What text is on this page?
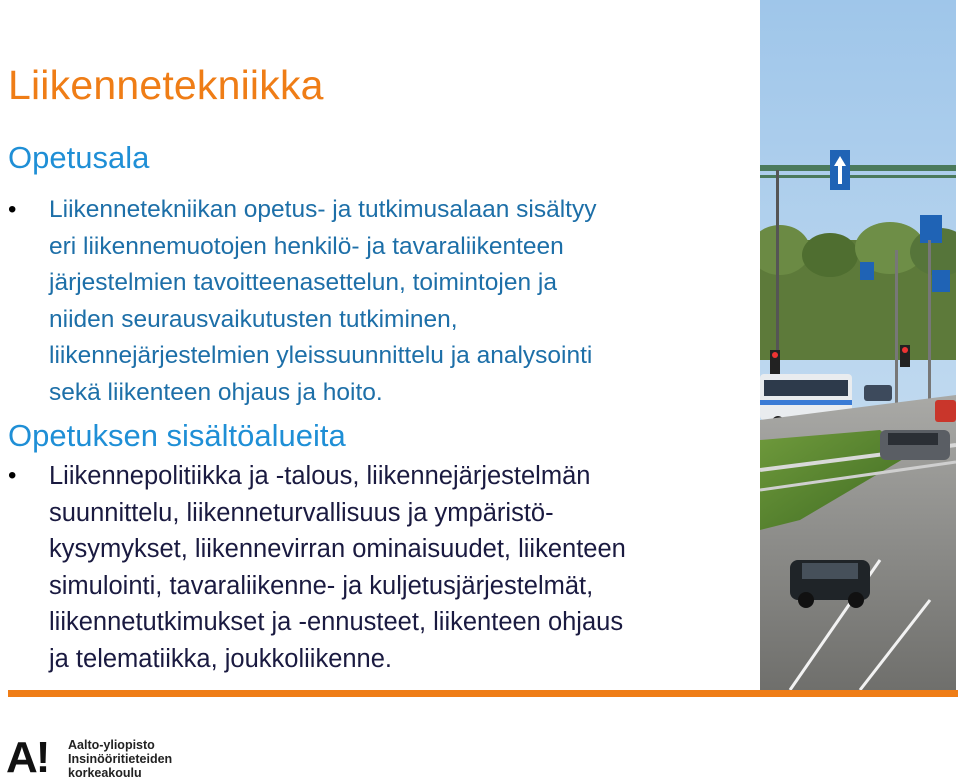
Liikennetekniikka
Opetusala
• Liikennetekniikan opetus- ja tutkimusalaan sisältyy
eri liikennemuotojen henkilö- ja tavaraliikenteen
järjestelmien tavoitteenasettelun, toimintojen ja
niiden seurausvaikutusten tutkiminen,
liikennejärjestelmien yleissuunnittelu ja analysointi
sekä liikenteen ohjaus ja hoito.

Opetuksen sisältöalueita
• Liikennepolitiikka ja -talous, liikennejärjestelmän
suunnittelu, liikenneturvallisuus ja ympäristö-
kysymykset, liikennevirran ominaisuudet, liikenteen
simulointi, tavaraliikenne- ja kuljetusjärjestelmät,
liikennetutkimukset ja -ennusteet, liikenteen ohjaus
ja telematiikka, joukkoliikenne.

A! Aalto-yliopisto
Insinööritieteiden
korkeakoulu
